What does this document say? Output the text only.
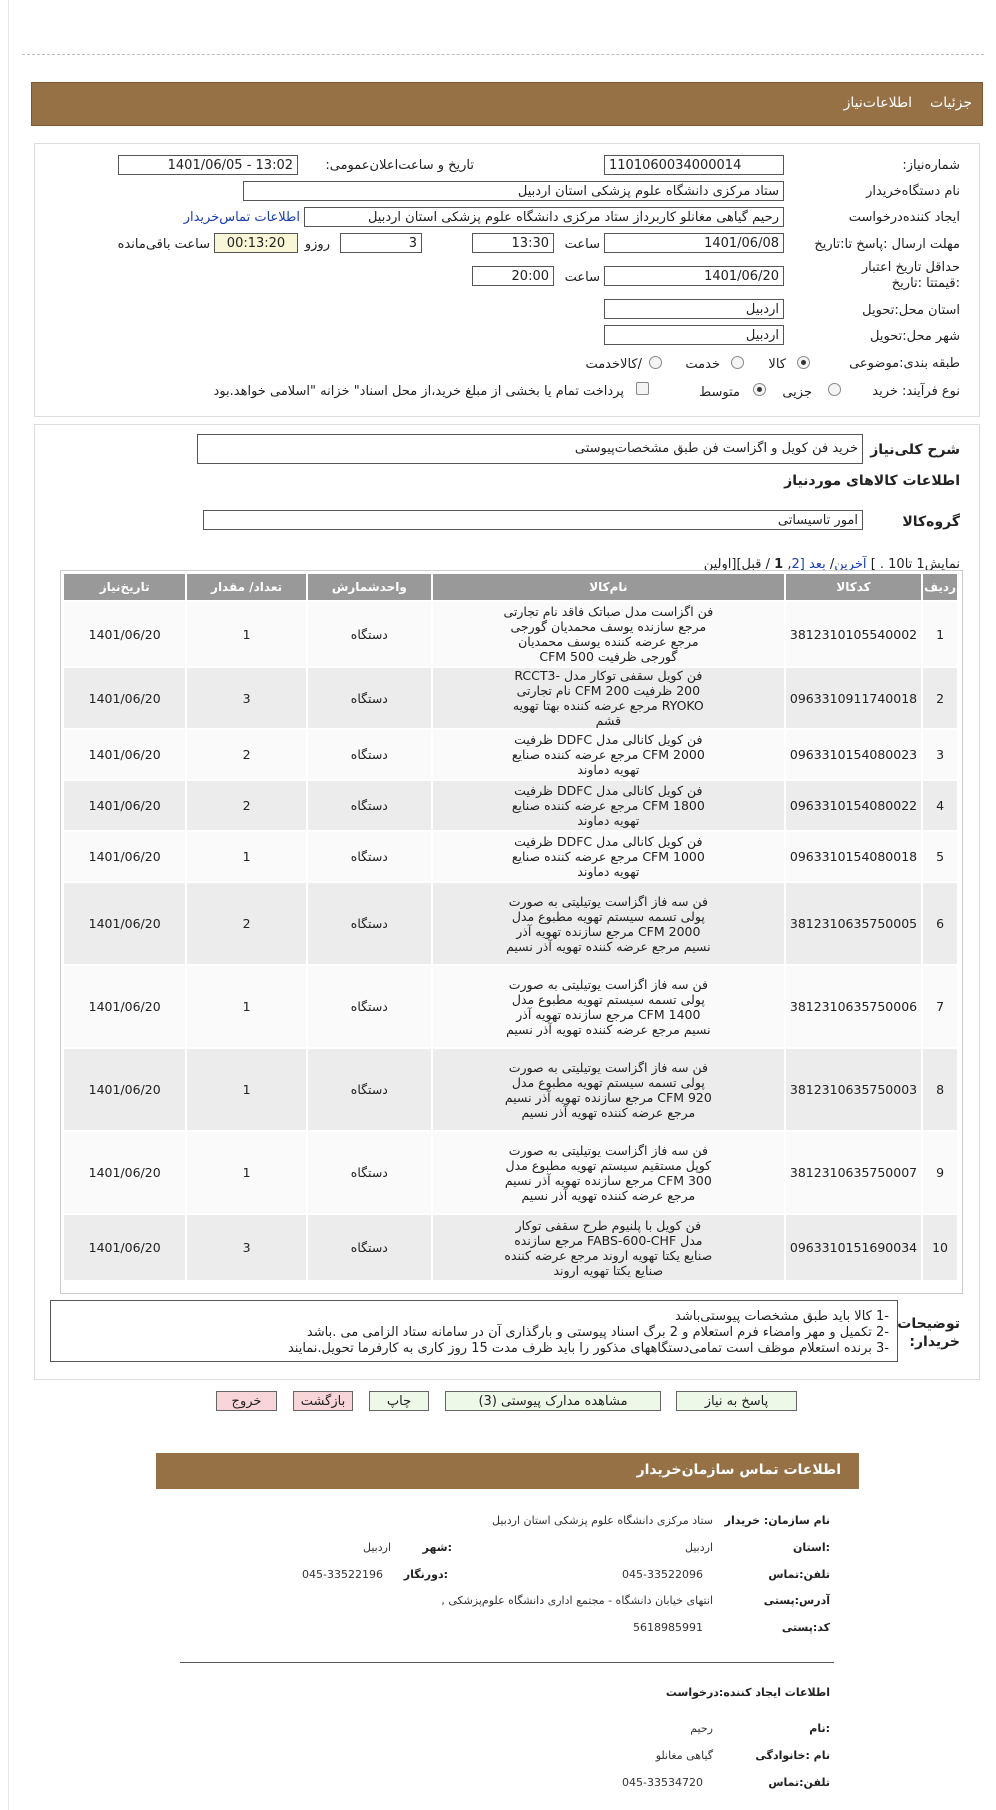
جزئیات
اطلاعات‌نیاز
شماره‌نیاز:
1101060034000014
تاریخ و ساعت‌اعلان‌عمومی:
1401/06/05 - 13:02
نام دستگاه‌خریدار
ستاد مرکزی دانشگاه علوم پزشکی استان اردبیل
ایجاد کننده‌درخواست
رحیم گیاهی مغانلو کاربرداز ستاد مرکزی دانشگاه علوم پزشکی استان اردبیل
اطلاعات تماس‌خریدار
مهلت ارسال :پاسخ تا:تاریخ
1401/06/08
ساعت
13:30
3
روزو
00:13:20
ساعت باقی‌مانده
حداقل تاریخ اعتبار :قیمتتا :تاریخ
1401/06/20
ساعت
20:00
استان محل:تحویل
اردبیل
شهر محل:تحویل
اردبیل
طبقه بندی:موضوعی
کالا
خدمت
/کالاخدمت
نوع فرآیند: خرید
جزیی
متوسط
پرداخت تمام یا بخشی از مبلغ خرید،از محل اسناد" خزانه "اسلامی خواهد.بود
شرح کلی‌نیاز
خرید فن کویل و اگزاست فن طبق مشخصات‌پیوستی
اطلاعات کالاهای موردنیاز
گروه‌کالا
امور تاسیساتی
نمایش1 تا10 . ] آخرین/ بعد [2, 1 / قبل][اولین
ردیف	کدکالا	نام‌کالا	واحدشمارش	تعداد/ مقدار	تاریخ‌نیاز
1	3812310105540002	فن اگزاست مدل صباتک فاقد نام تجارتی مرجع سازنده یوسف محمدیان گورجی مرجع عرضه کننده یوسف محمدیان گورجی ظرفیت 500 CFM	دستگاه	1	1401/06/20
2	0963310911740018	فن کویل سقفی توکار مدل RCCT3-200 ظرفیت 200 CFM نام تجارتی RYOKO مرجع عرضه کننده بهتا تهویه قشم	دستگاه	3	1401/06/20
3	0963310154080023	فن کویل کانالی مدل DDFC ظرفیت 2000 CFM مرجع عرضه کننده صنایع تهویه دماوند	دستگاه	2	1401/06/20
4	0963310154080022	فن کویل کانالی مدل DDFC ظرفیت 1800 CFM مرجع عرضه کننده صنایع تهویه دماوند	دستگاه	2	1401/06/20
5	0963310154080018	فن کویل کانالی مدل DDFC ظرفیت 1000 CFM مرجع عرضه کننده صنایع تهویه دماوند	دستگاه	1	1401/06/20
6	3812310635750005	فن سه فاز اگزاست یوتیلیتی به صورت پولی تسمه سیستم تهویه مطبوع مدل 2000 CFM مرجع سازنده تهویه آذر نسیم مرجع عرضه کننده تهویه آذر نسیم	دستگاه	2	1401/06/20
7	3812310635750006	فن سه فاز اگزاست یوتیلیتی به صورت پولی تسمه سیستم تهویه مطبوع مدل 1400 CFM مرجع سازنده تهویه آذر نسیم مرجع عرضه کننده تهویه آذر نسیم	دستگاه	1	1401/06/20
8	3812310635750003	فن سه فاز اگزاست یوتیلیتی به صورت پولی تسمه سیستم تهویه مطبوع مدل 920 CFM مرجع سازنده تهویه آذر نسیم مرجع عرضه کننده تهویه آذر نسیم	دستگاه	1	1401/06/20
9	3812310635750007	فن سه فاز اگزاست یوتیلیتی به صورت کوپل مستقیم سیستم تهویه مطبوع مدل 300 CFM مرجع سازنده تهویه آذر نسیم مرجع عرضه کننده تهویه آذر نسیم	دستگاه	1	1401/06/20
10	0963310151690034	فن کویل با پلنیوم طرح سقفی توکار مدل FABS-600-CHF مرجع سازنده صنایع یکتا تهویه اروند مرجع عرضه کننده صنایع یکتا تهویه اروند	دستگاه	3	1401/06/20
توضیحات خریدار:
-1 کالا باید طبق مشخصات پیوستی‌باشد
-2 تکمیل و مهر وامضاء فرم استعلام و 2 برگ اسناد پیوستی و بارگذاری آن در سامانه ستاد الزامی می .باشد
-3 برنده استعلام موظف است تمامی‌دستگاههای مذکور را باید ظرف مدت 15 روز کاری به کارفرما تحویل.نمایند
پاسخ به نیاز
مشاهده مدارک پیوستی (3)
چاپ
بازگشت
خروج
اطلاعات تماس سازمان‌خریدار
نام سازمان: خریدار
ستاد مرکزی دانشگاه علوم پزشکی استان اردبیل
:استان
اردبیل
:شهر
اردبیل
تلفن:تماس
045-33522096
:دورنگار
045-33522196
آدرس:پستی
انتهای خیابان دانشگاه - مجتمع اداری دانشگاه علوم‌پزشکی ,
کد:پستی
5618985991
اطلاعات ایجاد کننده:درخواست
:نام
رحیم
نام :خانوادگی
گیاهی مغانلو
تلفن:تماس
045-33534720
